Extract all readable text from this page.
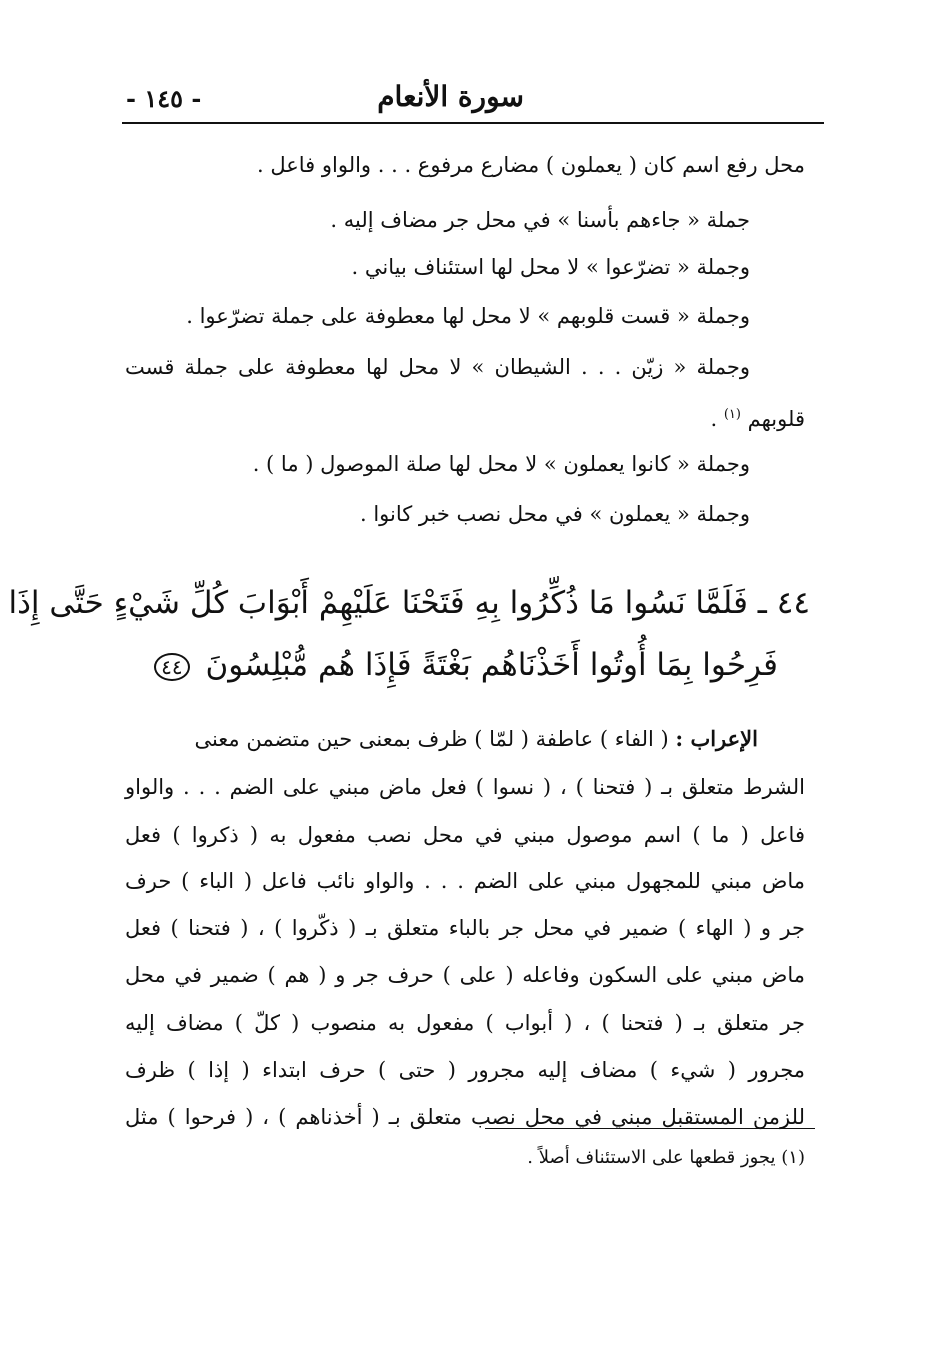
سورة الأنعام
- ١٤٥ -
محل رفع اسم كان ( يعملون ) مضارع مرفوع . . . والواو فاعل .
جملة « جاءهم بأسنا » في محل جر مضاف إليه .
وجملة « تضرّعوا » لا محل لها استئناف بياني .
وجملة « قست قلوبهم » لا محل لها معطوفة على جملة تضرّعوا .
وجملة « زيّن . . . الشيطان » لا محل لها معطوفة على جملة قست
قلوبهم $^{(١)}$ .
وجملة « كانوا يعملون » لا محل لها صلة الموصول ( ما ) .
وجملة « يعملون » في محل نصب خبر كانوا .
٤٤ ـ فَلَمَّا نَسُوا مَا ذُكِّرُوا بِهِ فَتَحْنَا عَلَيْهِمْ أَبْوَابَ كُلِّ شَيْءٍ حَتَّى إِذَا
فَرِحُوا بِمَا أُوتُوا أَخَذْنَاهُم بَغْتَةً فَإِذَا هُم مُّبْلِسُونَ ٤٤
الإعراب : ( الفاء ) عاطفة ( لمّا ) ظرف بمعنى حين متضمن معنى
الشرط متعلق بـ ( فتحنا ) ، ( نسوا ) فعل ماض مبني على الضم . . . والواو
فاعل ( ما ) اسم موصول مبني في محل نصب مفعول به ( ذكروا ) فعل
ماض مبني للمجهول مبني على الضم . . . والواو نائب فاعل ( الباء ) حرف
جر و ( الهاء ) ضمير في محل جر بالباء متعلق بـ ( ذكّروا ) ، ( فتحنا ) فعل
ماض مبني على السكون وفاعله ( على ) حرف جر و ( هم ) ضمير في محل
جر متعلق بـ ( فتحنا ) ، ( أبواب ) مفعول به منصوب ( كلّ ) مضاف إليه
مجرور ( شيء ) مضاف إليه مجرور ( حتى ) حرف ابتداء ( إذا ) ظرف
للزمن المستقبل مبني في محل نصب متعلق بـ ( أخذناهم ) ، ( فرحوا ) مثل
(١) يجوز قطعها على الاستئناف أصلاً .
